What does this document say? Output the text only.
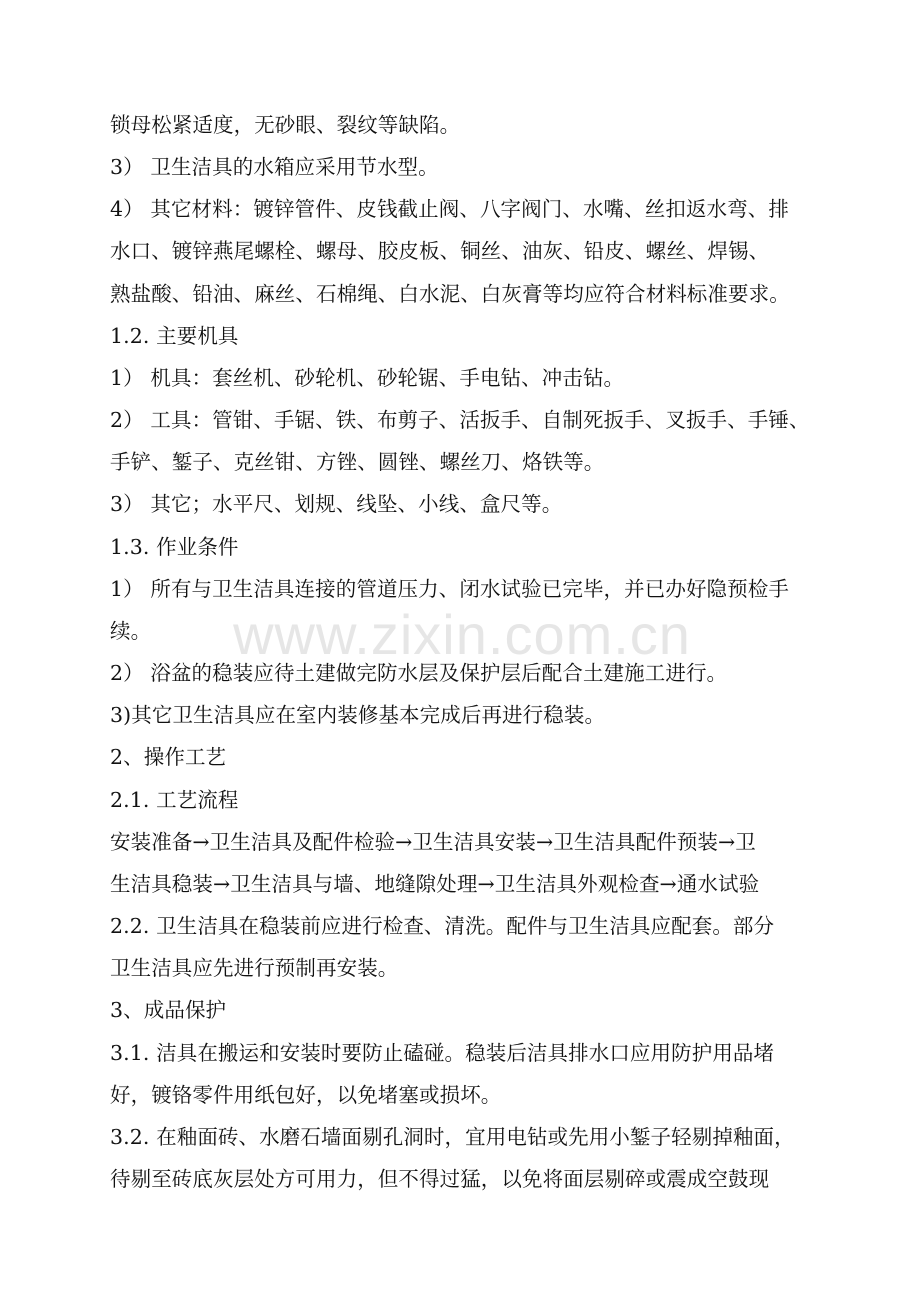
锁母松紧适度，无砂眼、裂纹等缺陷。
3） 卫生洁具的水箱应采用节水型。
4） 其它材料：镀锌管件、皮钱截止阀、八字阀门、水嘴、丝扣返水弯、排
水口、镀锌燕尾螺栓、螺母、胶皮板、铜丝、油灰、铅皮、螺丝、焊锡、
熟盐酸、铅油、麻丝、石棉绳、白水泥、白灰膏等均应符合材料标准要求。
1.2. 主要机具
1） 机具：套丝机、砂轮机、砂轮锯、手电钻、冲击钻。
2） 工具：管钳、手锯、铁、布剪子、活扳手、自制死扳手、叉扳手、手锤、
手铲、錾子、克丝钳、方锉、圆锉、螺丝刀、烙铁等。
3） 其它；水平尺、划规、线坠、小线、盒尺等。
1.3. 作业条件
1） 所有与卫生洁具连接的管道压力、闭水试验已完毕，并已办好隐预检手
续。
2） 浴盆的稳装应待土建做完防水层及保护层后配合土建施工进行。
3)其它卫生洁具应在室内装修基本完成后再进行稳装。
2、操作工艺
2.1. 工艺流程
安装准备→卫生洁具及配件检验→卫生洁具安装→卫生洁具配件预装→卫
生洁具稳装→卫生洁具与墙、地缝隙处理→卫生洁具外观检查→通水试验
2.2. 卫生洁具在稳装前应进行检查、清洗。配件与卫生洁具应配套。部分
卫生洁具应先进行预制再安装。
3、成品保护
3.1. 洁具在搬运和安装时要防止磕碰。稳装后洁具排水口应用防护用品堵
好，镀铬零件用纸包好，以免堵塞或损坏。
3.2. 在釉面砖、水磨石墙面剔孔洞时，宜用电钻或先用小錾子轻剔掉釉面，
待剔至砖底灰层处方可用力，但不得过猛，以免将面层剔碎或震成空鼓现
www.zixin.com.cn
